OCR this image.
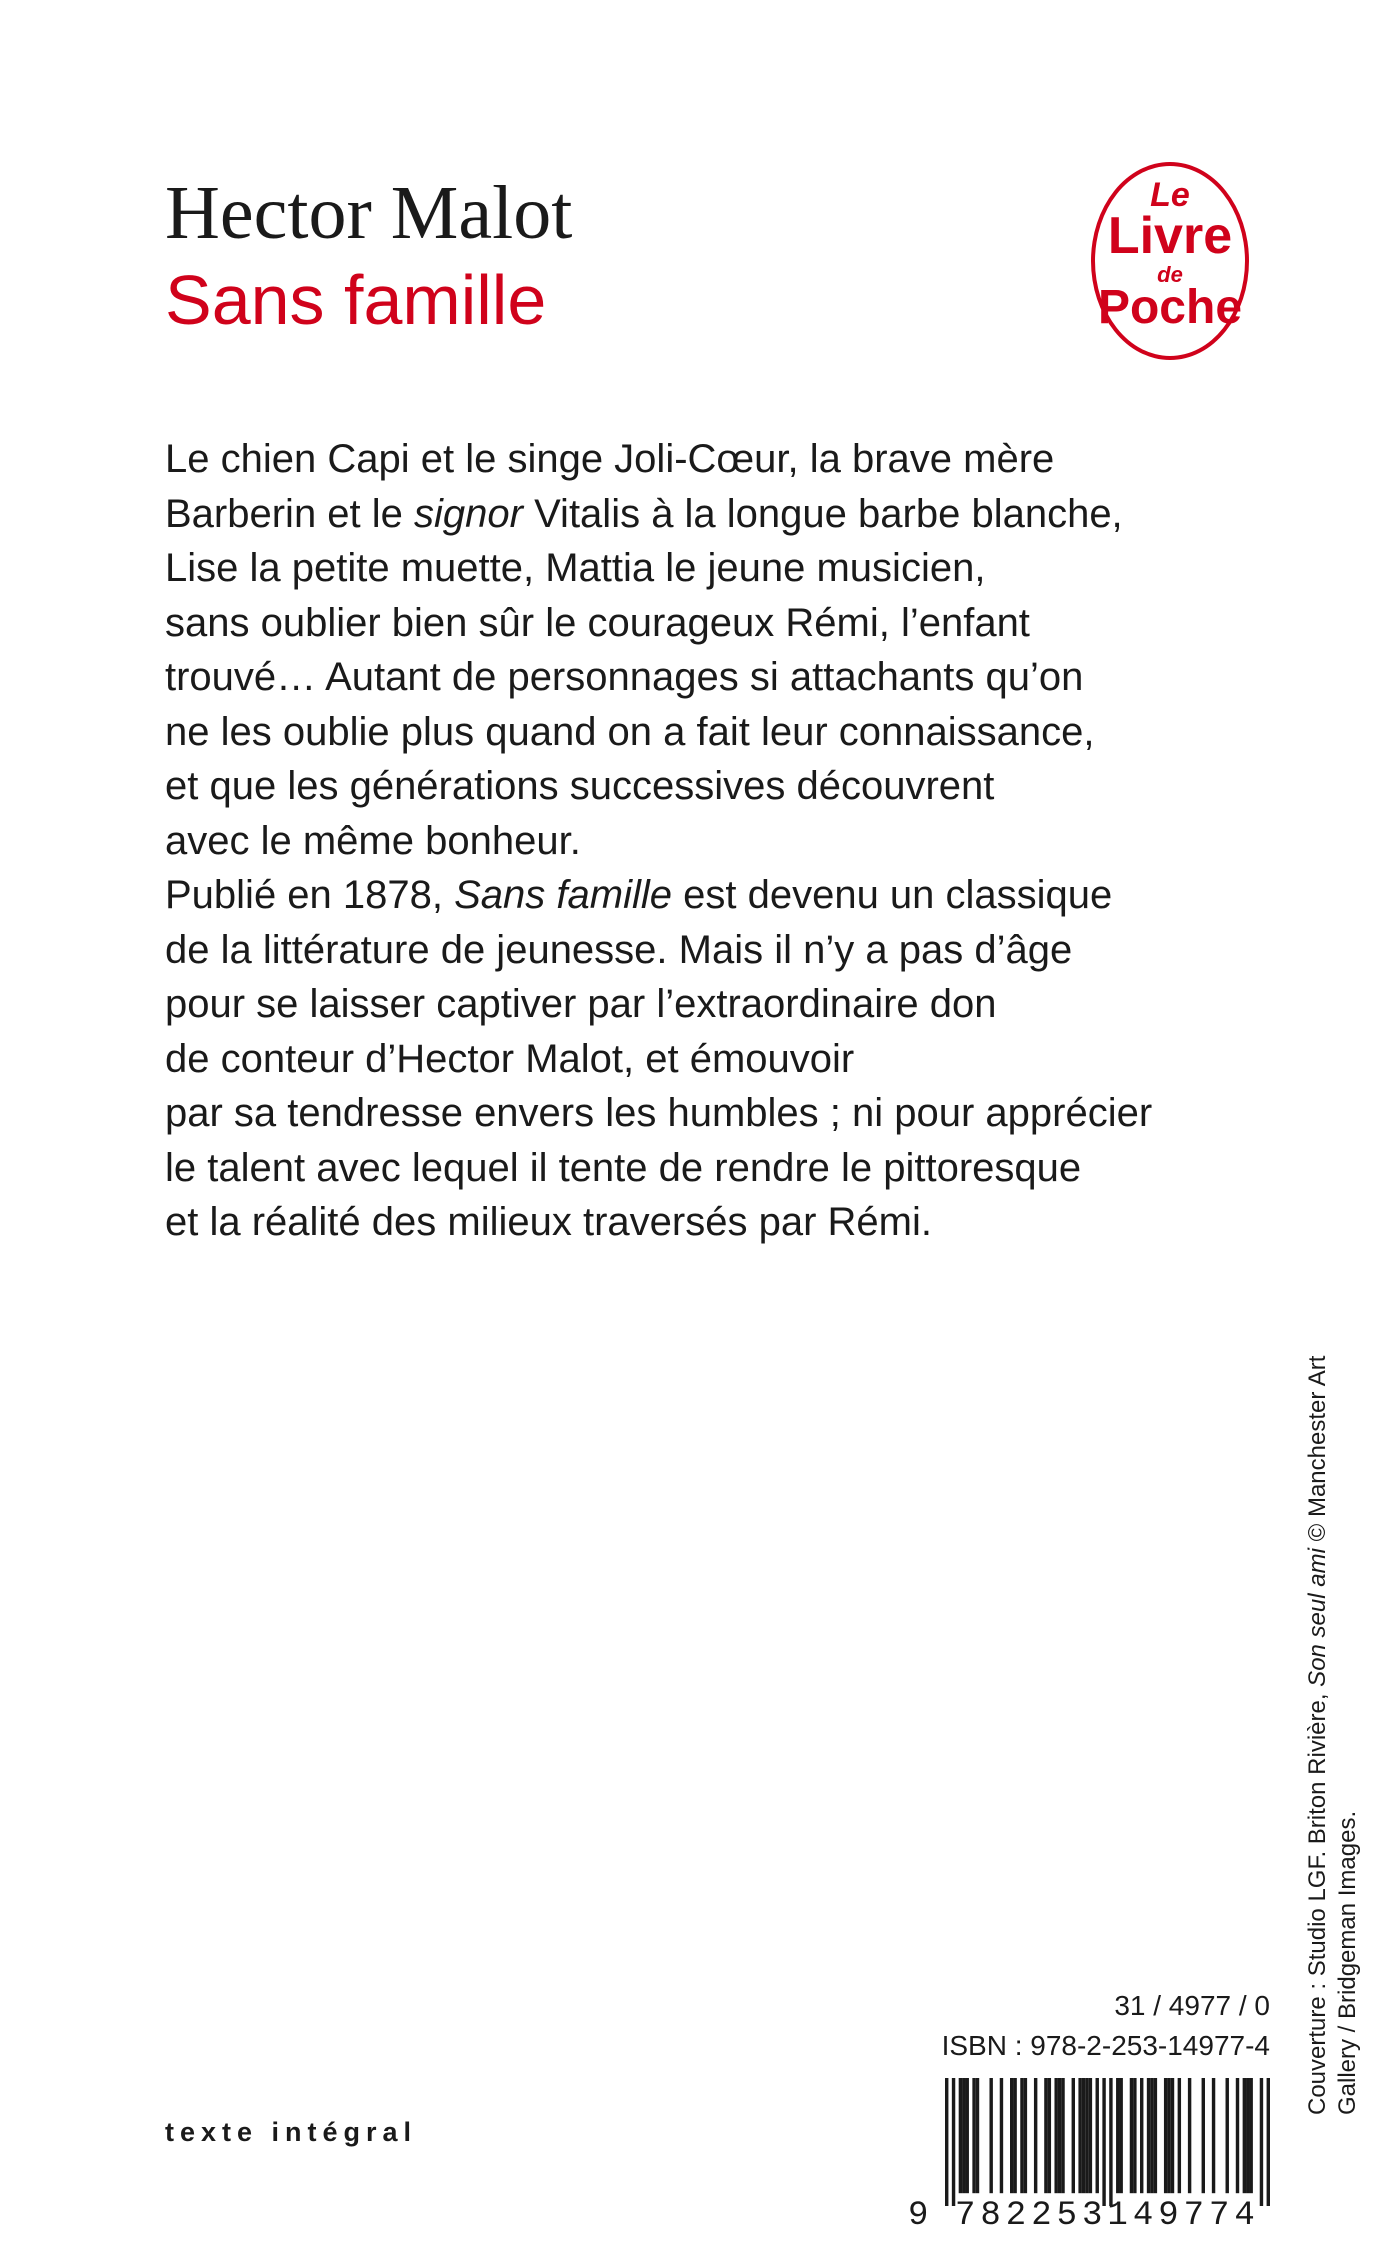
Hector Malot
Sans famille
Le
Livre
de
Poche

Le chien Capi et le singe Joli-Cœur, la brave mère
Barberin et le signor Vitalis à la longue barbe blanche,
Lise la petite muette, Mattia le jeune musicien,
sans oublier bien sûr le courageux Rémi, l’enfant
trouvé… Autant de personnages si attachants qu’on
ne les oublie plus quand on a fait leur connaissance,
et que les générations successives découvrent
avec le même bonheur.

Publié en 1878, Sans famille est devenu un classique
de la littérature de jeunesse. Mais il n’y a pas d’âge
pour se laisser captiver par l’extraordinaire don
de conteur d’Hector Malot, et émouvoir
par sa tendresse envers les humbles ; ni pour apprécier
le talent avec lequel il tente de rendre le pittoresque
et la réalité des milieux traversés par Rémi.

Couverture : Studio LGF. Briton Rivière, Son seul ami © Manchester Art
Gallery / Bridgeman Images.
31 / 4977 / 0
ISBN : 978-2-253-14977-4
9 782253149774
texte intégral
